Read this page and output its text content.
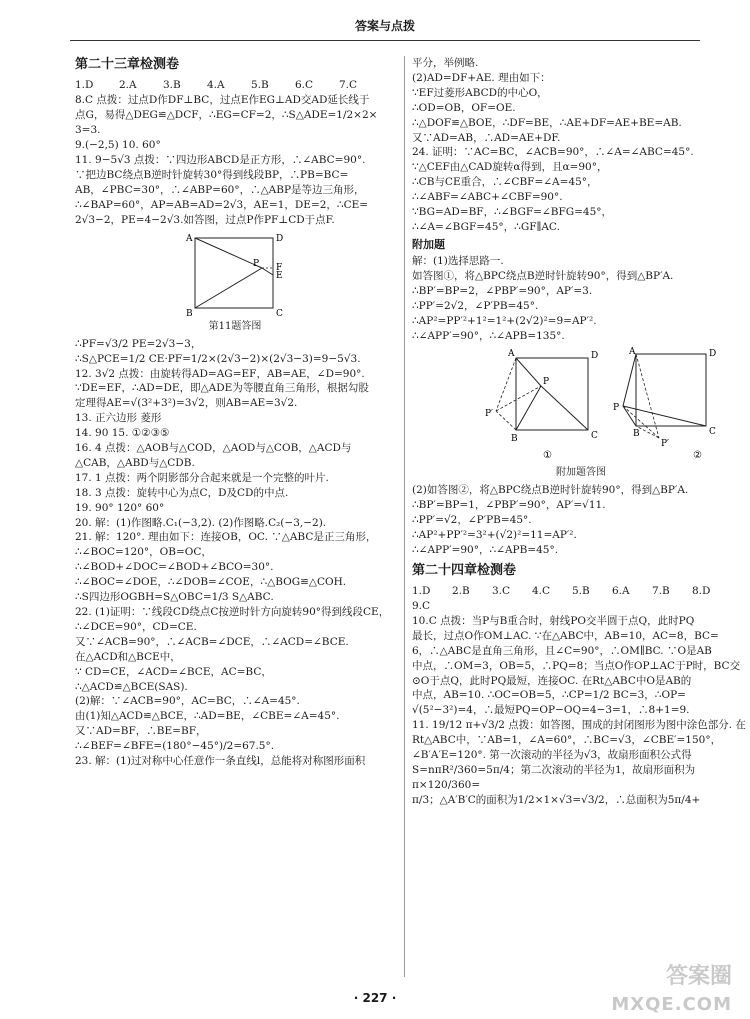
答案与点拨
第二十三章检测卷
1.D	2.A	3.B	4.A	5.B	6.C	7.C

8.C 点拨：过点D作DF⊥BC，过点E作EG⊥AD交AD延长线于

点G，易得△DEG≌△DCF，∴EG=CF=2，∴S△ADE=1/2×2×

3=3.

9.(−2,5) 10. 60°

11. 9−5√3 点拨：∵四边形ABCD是正方形，∴∠ABC=90°.

∵把边BC绕点B逆时针旋转30°得到线段BP，∴PB=BC=

AB，∠PBC=30°，∴∠ABP=60°，∴△ABP是等边三角形，

∴∠BAP=60°，AP=AB=AD=2√3，AE=1，DE=2，∴CE=

2√3−2，PE=4−2√3.如答图，过点P作PF⊥CD于点F.

A	D
B	C
P
E
F
第11题答图

∴PF=√3/2 PE=2√3−3，

∴S△PCE=1/2 CE·PF=1/2×(2√3−2)×(2√3−3)=9−5√3.

12. 3√2 点拨：由旋转得AD=AG=EF，AB=AE，∠D=90°.

∵DE=EF，∴AD=DE，即△ADE为等腰直角三角形，根据勾股

定理得AE=√(3²+3²)=3√2，则AB=AE=3√2.

13. 正六边形 菱形

14. 90 15. ①②③⑤

16. 4 点拨：△AOB与△COD，△AOD与△COB，△ACD与

△CAB，△ABD与△CDB.

17. 1 点拨：两个阴影部分合起来就是一个完整的叶片.

18. 3 点拨：旋转中心为点C，D及CD的中点.

19. 90° 120° 60°

20. 解：(1)作图略.C₁(−3,2). (2)作图略.C₂(−3,−2).

21. 解：120°. 理由如下：连接OB，OC. ∵△ABC是正三角形，

∴∠BOC=120°，OB=OC，∴∠BOD+∠DOC=∠BOD+∠BCO=30°.

∴∠BOC=∠DOE，∴∠DOB=∠COE，∴△BOG≌△COH.

∴S四边形OGBH=S△OBC=1/3 S△ABC.

22. (1)证明：∵线段CD绕点C按逆时针方向旋转90°得到线段CE，

∴∠DCE=90°，CD=CE.

又∵∠ACB=90°，∴∠ACB=∠DCE，∴∠ACD=∠BCE.

在△ACD和△BCE中，

∵ CD=CE，∠ACD=∠BCE，AC=BC，

∴△ACD≌△BCE(SAS).

(2)解：∵∠ACB=90°，AC=BC，∴∠A=45°.

由(1)知△ACD≌△BCE，∴AD=BE，∠CBE=∠A=45°.

又∵AD=BF，∴BE=BF，

∴∠BEF=∠BFE=(180°−45°)/2=67.5°.

23. 解：(1)过对称中心任意作一条直线l，总能将对称图形面积

平分，举例略.

(2)AD=DF+AE. 理由如下：

∵EF过菱形ABCD的中心O，

∴OD=OB，OF=OE.

∴△DOF≌△BOE，∴DF=BE，∴AE+DF=AE+BE=AB.

又∵AD=AB，∴AD=AE+DF.

24. 证明：∵AC=BC，∠ACB=90°，∴∠A=∠ABC=45°.

∵△CEF由△CAD旋转α得到，且α=90°，

∴CB与CE重合，∴∠CBF=∠A=45°，

∴∠ABF=∠ABC+∠CBF=90°.

∵BG=AD=BF，∴∠BGF=∠BFG=45°，

∴∠A=∠BGF=45°，∴GF∥AC.

附加题

解：(1)选择思路一.

如答图①，将△BPC绕点B逆时针旋转90°，得到△BP′A.

∴BP′=BP=2，∠PBP′=90°，AP′=3.

∴PP′=2√2，∠P′PB=45°.

∴AP²=PP′²+1²=1²+(2√2)²=9=AP′².

∴∠APP′=90°，∴∠APB=135°.

A	D
P
P′
B	C
①
A	D
P
B	C
P′
②
附加题答图

(2)如答图②，将△BPC绕点B逆时针旋转90°，得到△BP′A.

∴BP′=BP=1，∠PBP′=90°，AP′=√11.

∴PP′=√2，∠P′PB=45°.

∴AP²+PP′²=3²+(√2)²=11=AP′².

∴∠APP′=90°，∴∠APB=45°.

第二十四章检测卷
1.D	2.B	3.C	4.C	5.B	6.A	7.B	8.D

9.C

10.C 点拨：当P与B重合时，射线PO交半圆于点Q，此时PQ

最长，过点O作OM⊥AC. ∵在△ABC中，AB=10，AC=8，BC=

6，∴△ABC是直角三角形，且∠C=90°，∴OM∥BC. ∵O是AB

中点，∴OM=3，OB=5，∴PQ=8；当点O作OP⊥AC于P时，BC交

⊙O于点Q，此时PQ最短，连接OC. 在Rt△ABC中O是AB的

中点，AB=10. ∴OC=OB=5，∴CP=1/2 BC=3，∴OP=

√(5²−3²)=4，∴最短PQ=OP−OQ=4−3=1，∴8+1=9.

11. 19/12 π+√3/2 点拨：如答图，围成的封闭图形为图中涂色部分. 在

Rt△ABC中，∵AB=1，∠A=60°，∴BC=√3，∠CBE′=150°，

∠B′A′E=120°. 第一次滚动的半径为√3，故扇形面积公式得

S=nπR²/360=5π/4；第二次滚动的半径为1，故扇形面积为π×120/360=

π/3；△A′B′C的面积为1/2×1×√3=√3/2，∴总面积为5π/4+

· 227 ·
答案圈
MXQE.COM
